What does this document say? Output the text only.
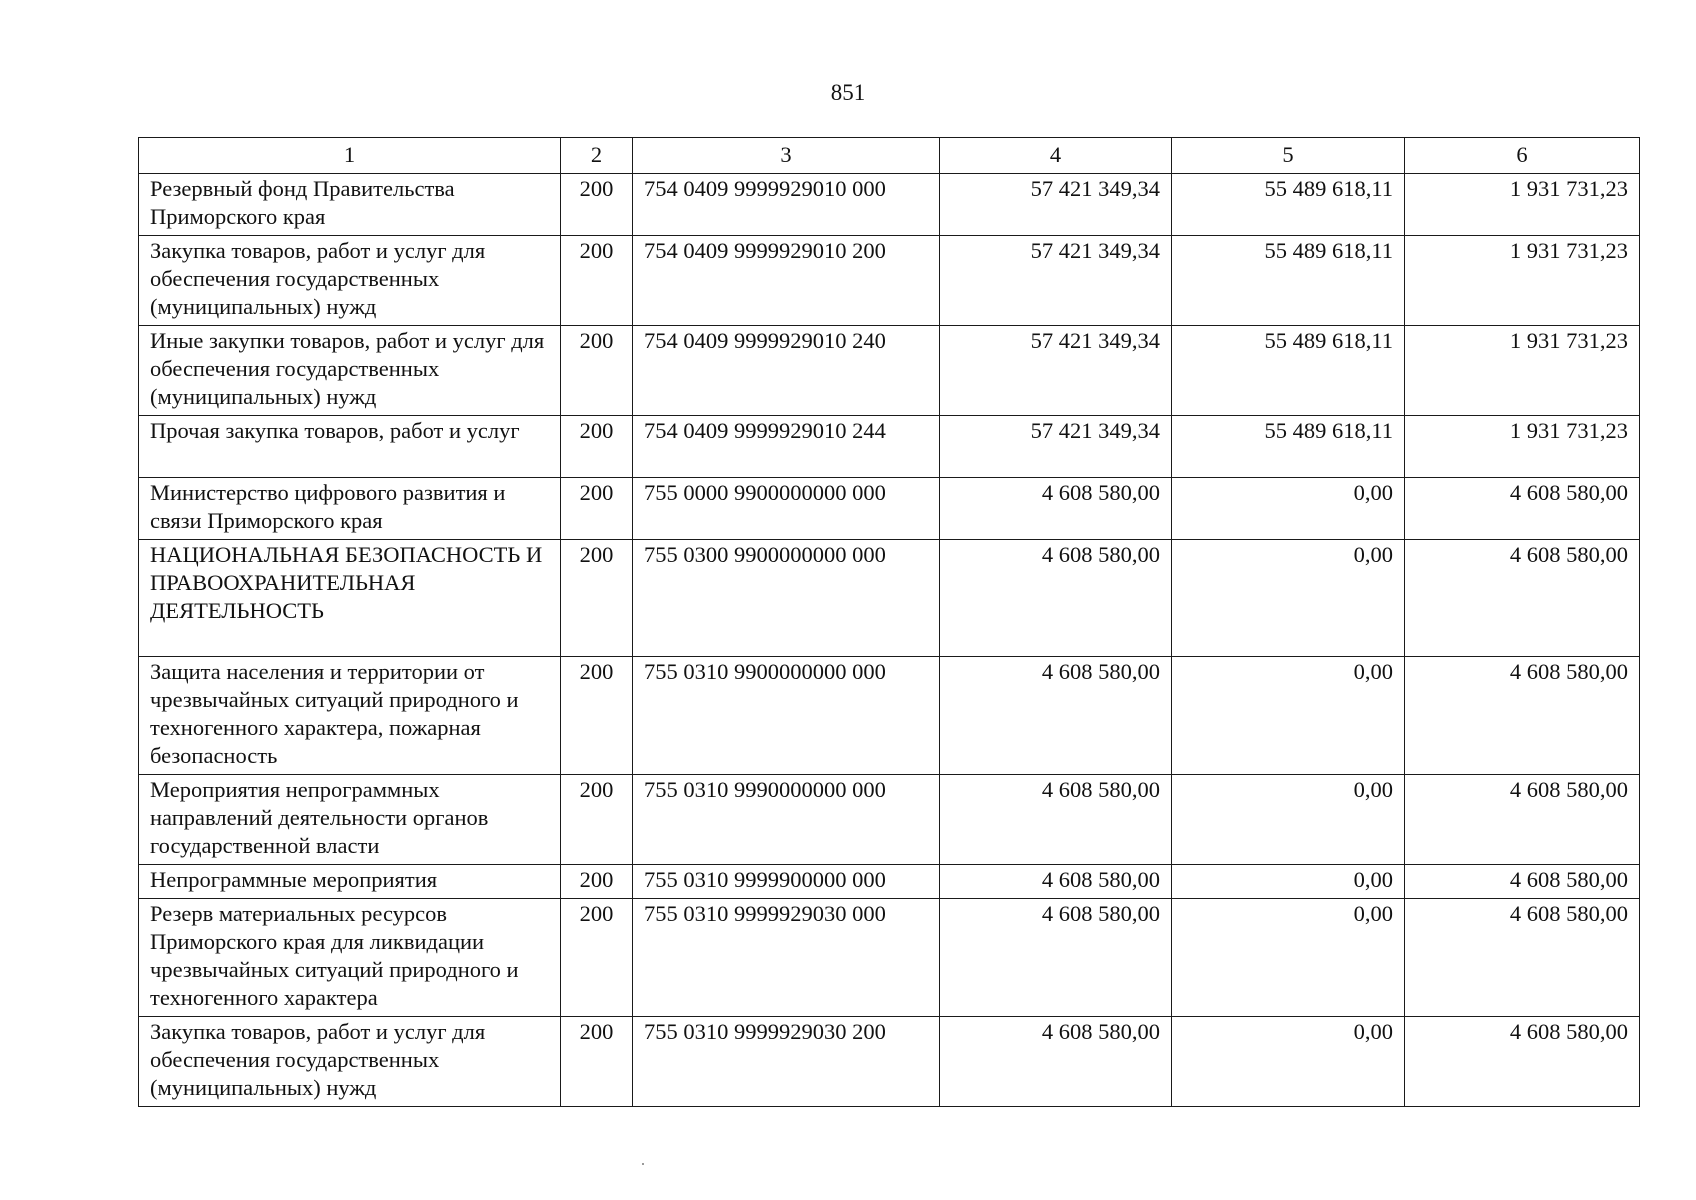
851
1	2	3	4	5	6
Резервный фонд Правительства Приморского края	200	754 0409 9999929010 000	57 421 349,34	55 489 618,11	1 931 731,23
Закупка товаров, работ и услуг для обеспечения государственных (муниципальных) нужд	200	754 0409 9999929010 200	57 421 349,34	55 489 618,11	1 931 731,23
Иные закупки товаров, работ и услуг для обеспечения государственных (муниципальных) нужд	200	754 0409 9999929010 240	57 421 349,34	55 489 618,11	1 931 731,23
Прочая закупка товаров, работ и услуг	200	754 0409 9999929010 244	57 421 349,34	55 489 618,11	1 931 731,23
Министерство цифрового развития и связи Приморского края	200	755 0000 9900000000 000	4 608 580,00	0,00	4 608 580,00
НАЦИОНАЛЬНАЯ БЕЗОПАСНОСТЬ И ПРАВООХРАНИТЕЛЬНАЯ ДЕЯТЕЛЬНОСТЬ	200	755 0300 9900000000 000	4 608 580,00	0,00	4 608 580,00
Защита населения и территории от чрезвычайных ситуаций природного и техногенного характера, пожарная безопасность	200	755 0310 9900000000 000	4 608 580,00	0,00	4 608 580,00
Мероприятия непрограммных направлений деятельности органов государственной власти	200	755 0310 9990000000 000	4 608 580,00	0,00	4 608 580,00
Непрограммные мероприятия	200	755 0310 9999900000 000	4 608 580,00	0,00	4 608 580,00
Резерв материальных ресурсов Приморского края для ликвидации чрезвычайных ситуаций природного и техногенного характера	200	755 0310 9999929030 000	4 608 580,00	0,00	4 608 580,00
Закупка товаров, работ и услуг для обеспечения государственных (муниципальных) нужд	200	755 0310 9999929030 200	4 608 580,00	0,00	4 608 580,00
